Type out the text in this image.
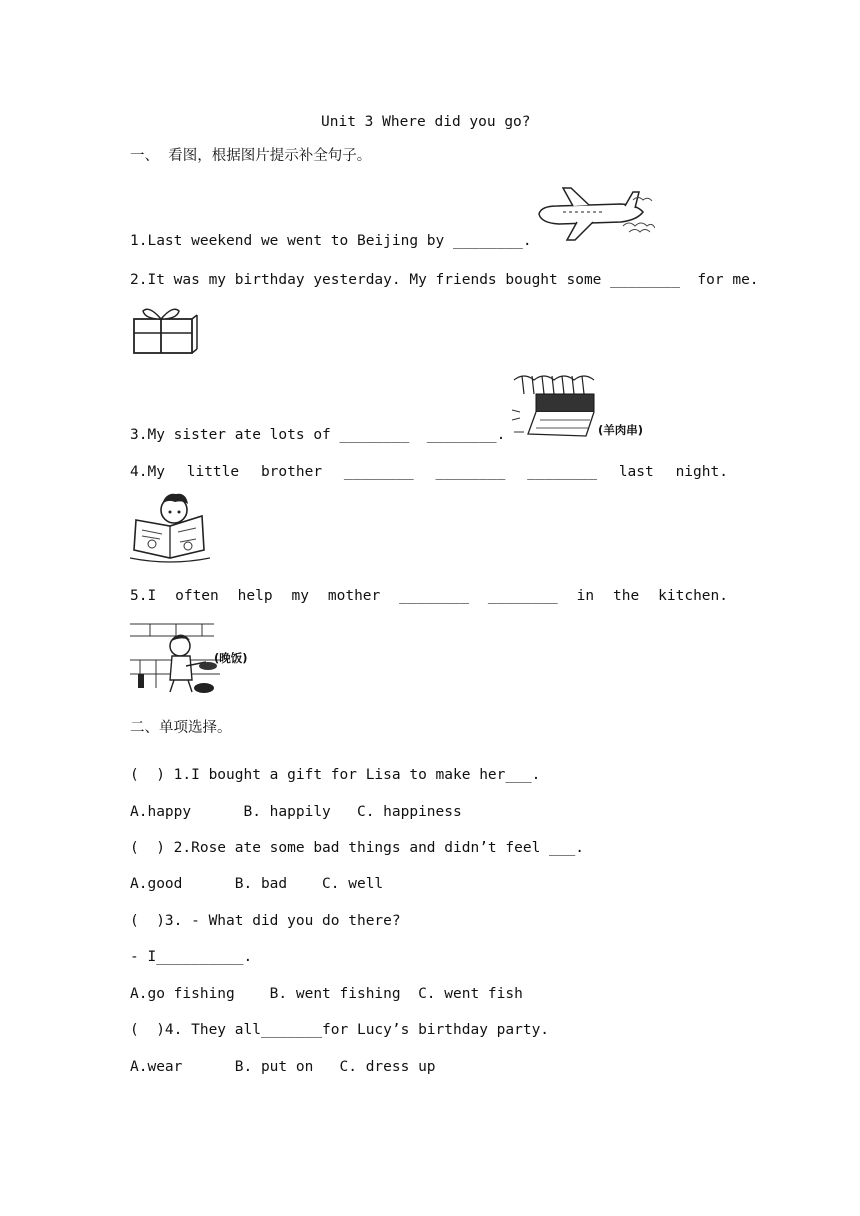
Unit 3 Where did you go?
一、  看图，根据图片提示补全句子。
1.Last weekend we went to Beijing by ________.
2.It was my birthday yesterday. My friends bought some ________  for me.
3.My sister ate lots of ________  ________.	(羊肉串)
4.My little brother ________ ________ ________ last night.
5.I often help my mother ________ ________ in the kitchen.
(晚饭)
二、单项选择。
(  ) 1.I bought a gift for Lisa to make her___.
A.happy      B. happily   C. happiness
(  ) 2.Rose ate some bad things and didn’t feel ___.
A.good      B. bad    C. well
(  )3. - What did you do there?
- I__________.
A.go fishing    B. went fishing  C. went fish
(  )4. They all_______for Lucy’s birthday party.
A.wear      B. put on   C. dress up
